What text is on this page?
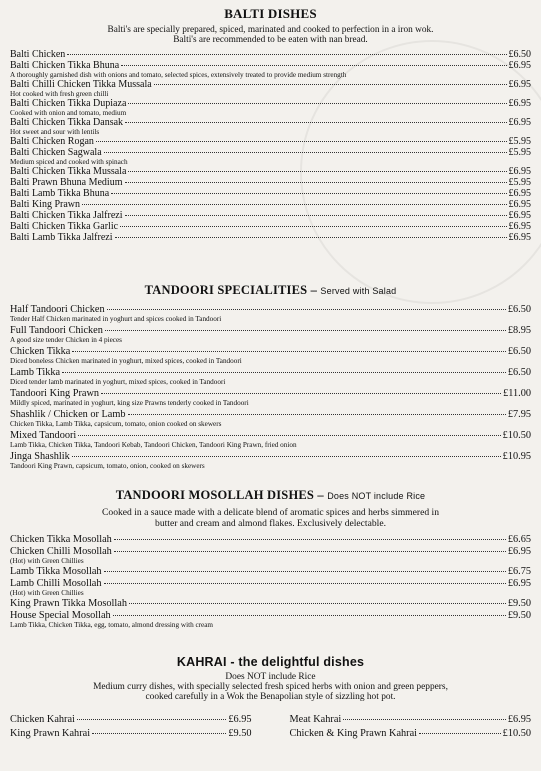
BALTI DISHES
Balti's are specially prepared, spiced, marinated and cooked to perfection in a iron wok.
Balti's are recommended to be eaten with nan bread.
Balti Chicken	£6.50
Balti Chicken Tikka Bhuna	£6.95
A thoroughly garnished dish with onions and tomato, selected spices, extensively treated to provide medium strength
Balti Chilli Chicken Tikka Mussala	£6.95
Hot cooked with fresh green chilli
Balti Chicken Tikka Dupiaza	£6.95
Cooked with onion and tomato, medium
Balti Chicken Tikka Dansak	£6.95
Hot sweet and sour with lentils
Balti Chicken Rogan	£5.95
Balti Chicken Sagwala	£5.95
Medium spiced and cooked with spinach
Balti Chicken Tikka Mussala	£6.95
Balti Prawn Bhuna Medium	£5.95
Balti Lamb Tikka Bhuna	£6.95
Balti King Prawn	£6.95
Balti Chicken Tikka Jalfrezi	£6.95
Balti Chicken Tikka Garlic	£6.95
Balti Lamb Tikka Jalfrezi	£6.95
TANDOORI SPECIALITIES – Served with Salad
Half Tandoori Chicken	£6.50
Tender Half Chicken marinated in yoghurt and spices cooked in Tandoori
Full Tandoori Chicken	£8.95
A good size tender Chicken in 4 pieces
Chicken Tikka	£6.50
Diced boneless Chicken marinated in yoghurt, mixed spices, cooked in Tandoori
Lamb Tikka	£6.50
Diced tender lamb marinated in yoghurt, mixed spices, cooked in Tandoori
Tandoori King Prawn	£11.00
Mildly spiced, marinated in yoghurt, king size Prawns tenderly cooked in Tandoori
Shashlik / Chicken or Lamb	£7.95
Chicken Tikka, Lamb Tikka, capsicum, tomato, onion cooked on skewers
Mixed Tandoori	£10.50
Lamb Tikka, Chicken Tikka, Tandoori Kebab, Tandoori Chicken, Tandoori King Prawn, fried onion
Jinga Shashlik	£10.95
Tandoori King Prawn, capsicum, tomato, onion, cooked on skewers
TANDOORI MOSOLLAH DISHES – Does NOT include Rice
Cooked in a sauce made with a delicate blend of aromatic spices and herbs simmered in
butter and cream and almond flakes. Exclusively delectable.
Chicken Tikka Mosollah	£6.65
Chicken Chilli Mosollah	£6.95
(Hot) with Green Chillies
Lamb Tikka Mosollah	£6.75
Lamb Chilli Mosollah	£6.95
(Hot) with Green Chillies
King Prawn Tikka Mosollah	£9.50
House Special Mosollah	£9.50
Lamb Tikka, Chicken Tikka, egg, tomato, almond dressing with cream
KAHRAI - the delightful dishes
Does NOT include Rice
Medium curry dishes, with specially selected fresh spiced herbs with onion and green peppers,
cooked carefully in a Wok the Benapolian style of sizzling hot pot.
Chicken Kahrai	£6.95
King Prawn Kahrai	£9.50
Meat Kahrai	£6.95
Chicken & King Prawn Kahrai	£10.50
